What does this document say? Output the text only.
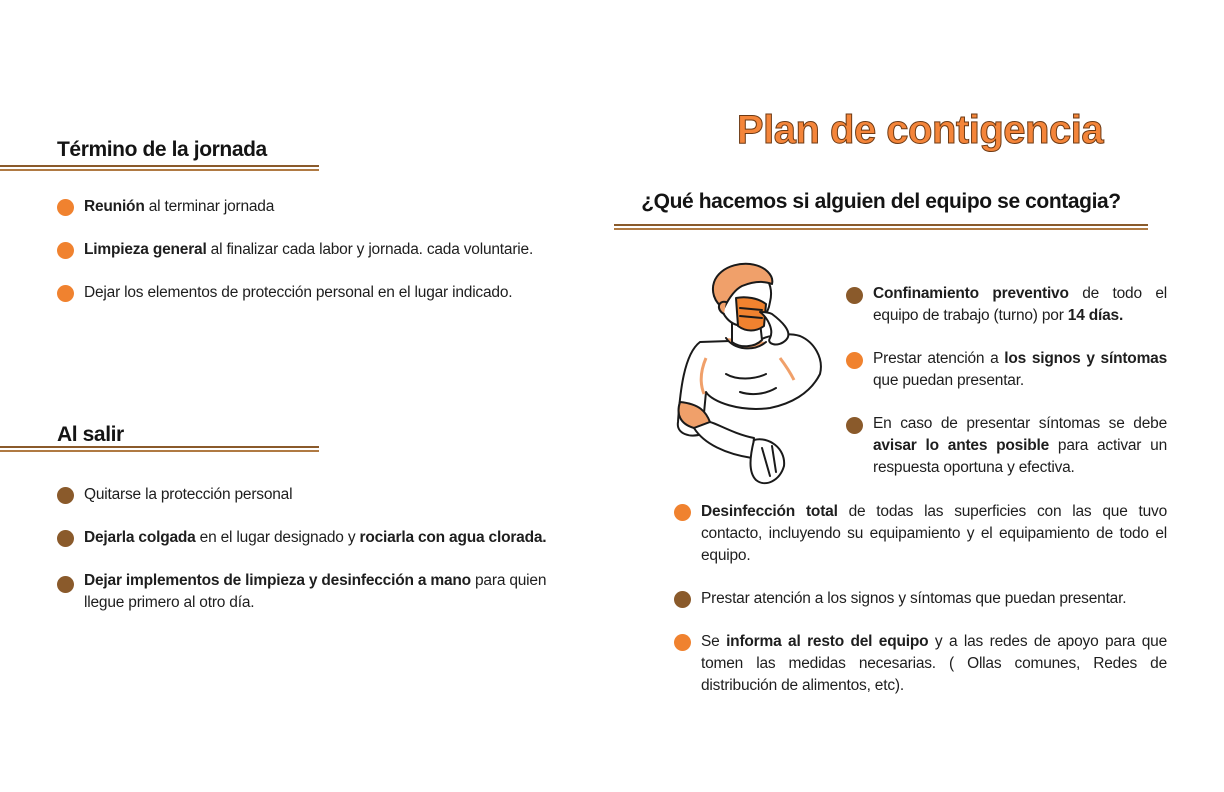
Término de la jornada
Reunión al terminar jornada
Limpieza general al finalizar cada labor y jornada. cada voluntarie.
Dejar los elementos de protección personal en el lugar indicado.
Al salir
Quitarse la protección personal
Dejarla colgada en el lugar designado y rociarla con agua clorada.
Dejar implementos de limpieza y desinfección a mano para quien llegue primero al otro día.
Plan de contigencia
¿Qué hacemos si alguien del equipo se contagia?
Confinamiento preventivo de todo el equipo de trabajo (turno) por 14 días.
Prestar atención a los signos y síntomas que puedan presentar.
En caso de presentar síntomas se debe avisar lo antes posible para activar un respuesta oportuna y efectiva.
Desinfección total de todas las superficies con las que tuvo contacto, incluyendo su equipamiento y el equipamiento de todo el equipo.
Prestar atención a los signos y síntomas que puedan presentar.
Se informa al resto del equipo y a las redes de apoyo para que tomen las medidas necesarias. ( Ollas comunes, Redes de distribución de alimentos, etc).
